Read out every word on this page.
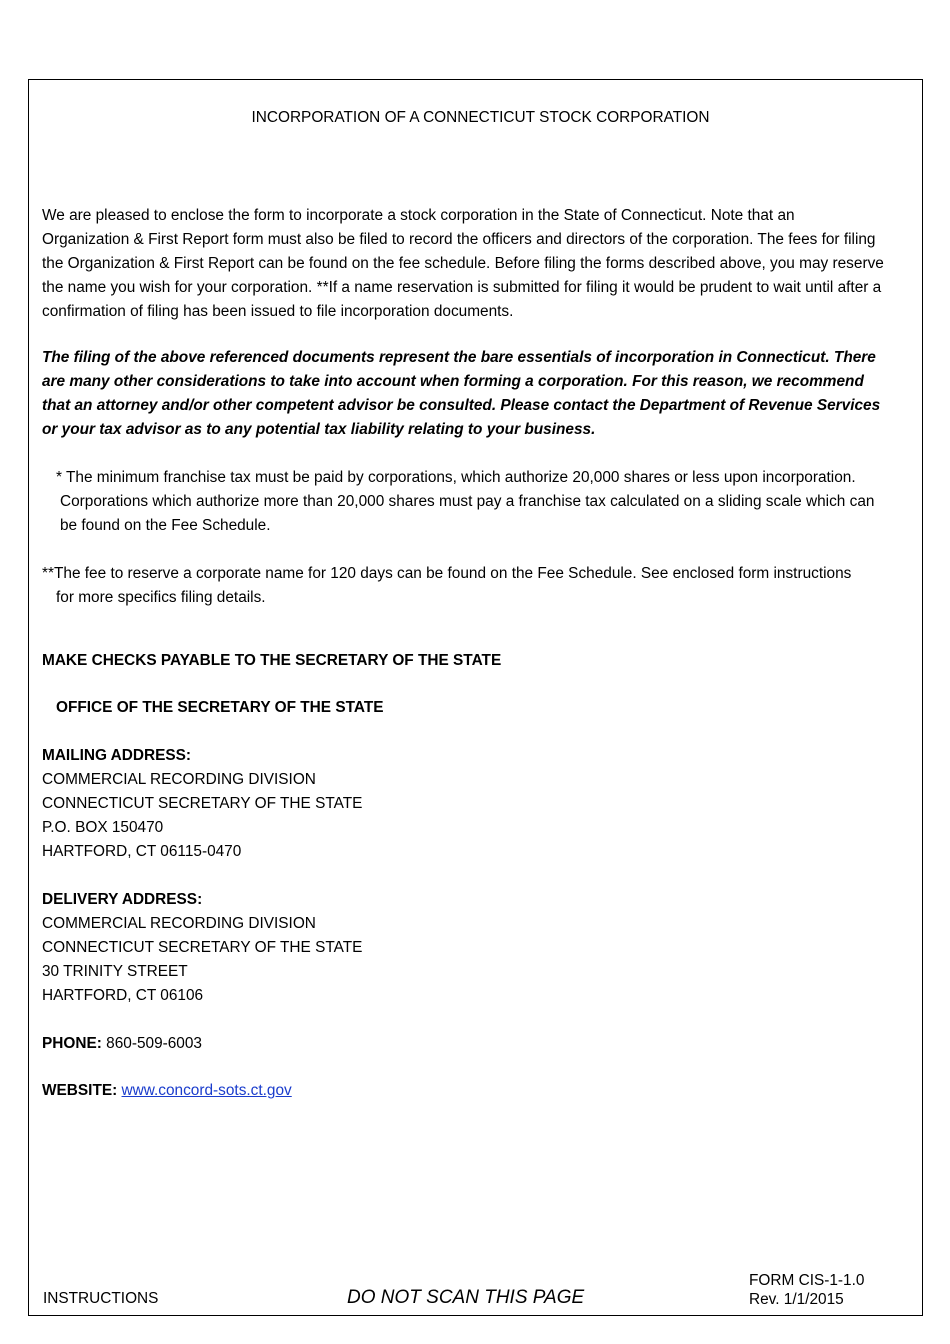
INCORPORATION OF A CONNECTICUT STOCK CORPORATION
We are pleased to enclose the form to incorporate a stock corporation in the State of Connecticut. Note that an
Organization & First Report form must also be filed to record the officers and directors of the corporation. The fees for filing
the Organization & First Report can be found on the fee schedule. Before filing the forms described above, you may reserve
the name you wish for your corporation. **If a name reservation is submitted for filing it would be prudent to wait until after a
confirmation of filing has been issued to file incorporation documents.
The filing of the above referenced documents represent the bare essentials of incorporation in Connecticut. There
are many other considerations to take into account when forming a corporation. For this reason, we recommend
that an attorney and/or other competent advisor be consulted. Please contact the Department of Revenue Services
or your tax advisor as to any potential tax liability relating to your business.
* The minimum franchise tax must be paid by corporations, which authorize 20,000 shares or less upon incorporation.
Corporations which authorize more than 20,000 shares must pay a franchise tax calculated on a sliding scale which can
be found on the Fee Schedule.
**The fee to reserve a corporate name for 120 days can be found on the Fee Schedule. See enclosed form instructions
for more specifics filing details.
MAKE CHECKS PAYABLE TO THE SECRETARY OF THE STATE
OFFICE OF THE SECRETARY OF THE STATE
MAILING ADDRESS:
COMMERCIAL RECORDING DIVISION
CONNECTICUT SECRETARY OF THE STATE
P.O. BOX 150470
HARTFORD, CT 06115-0470
DELIVERY ADDRESS:
COMMERCIAL RECORDING DIVISION
CONNECTICUT SECRETARY OF THE STATE
30 TRINITY STREET
HARTFORD, CT 06106
PHONE: 860-509-6003
WEBSITE: www.concord-sots.ct.gov
INSTRUCTIONS	DO NOT SCAN THIS PAGE
FORM CIS-1-1.0
Rev. 1/1/2015
